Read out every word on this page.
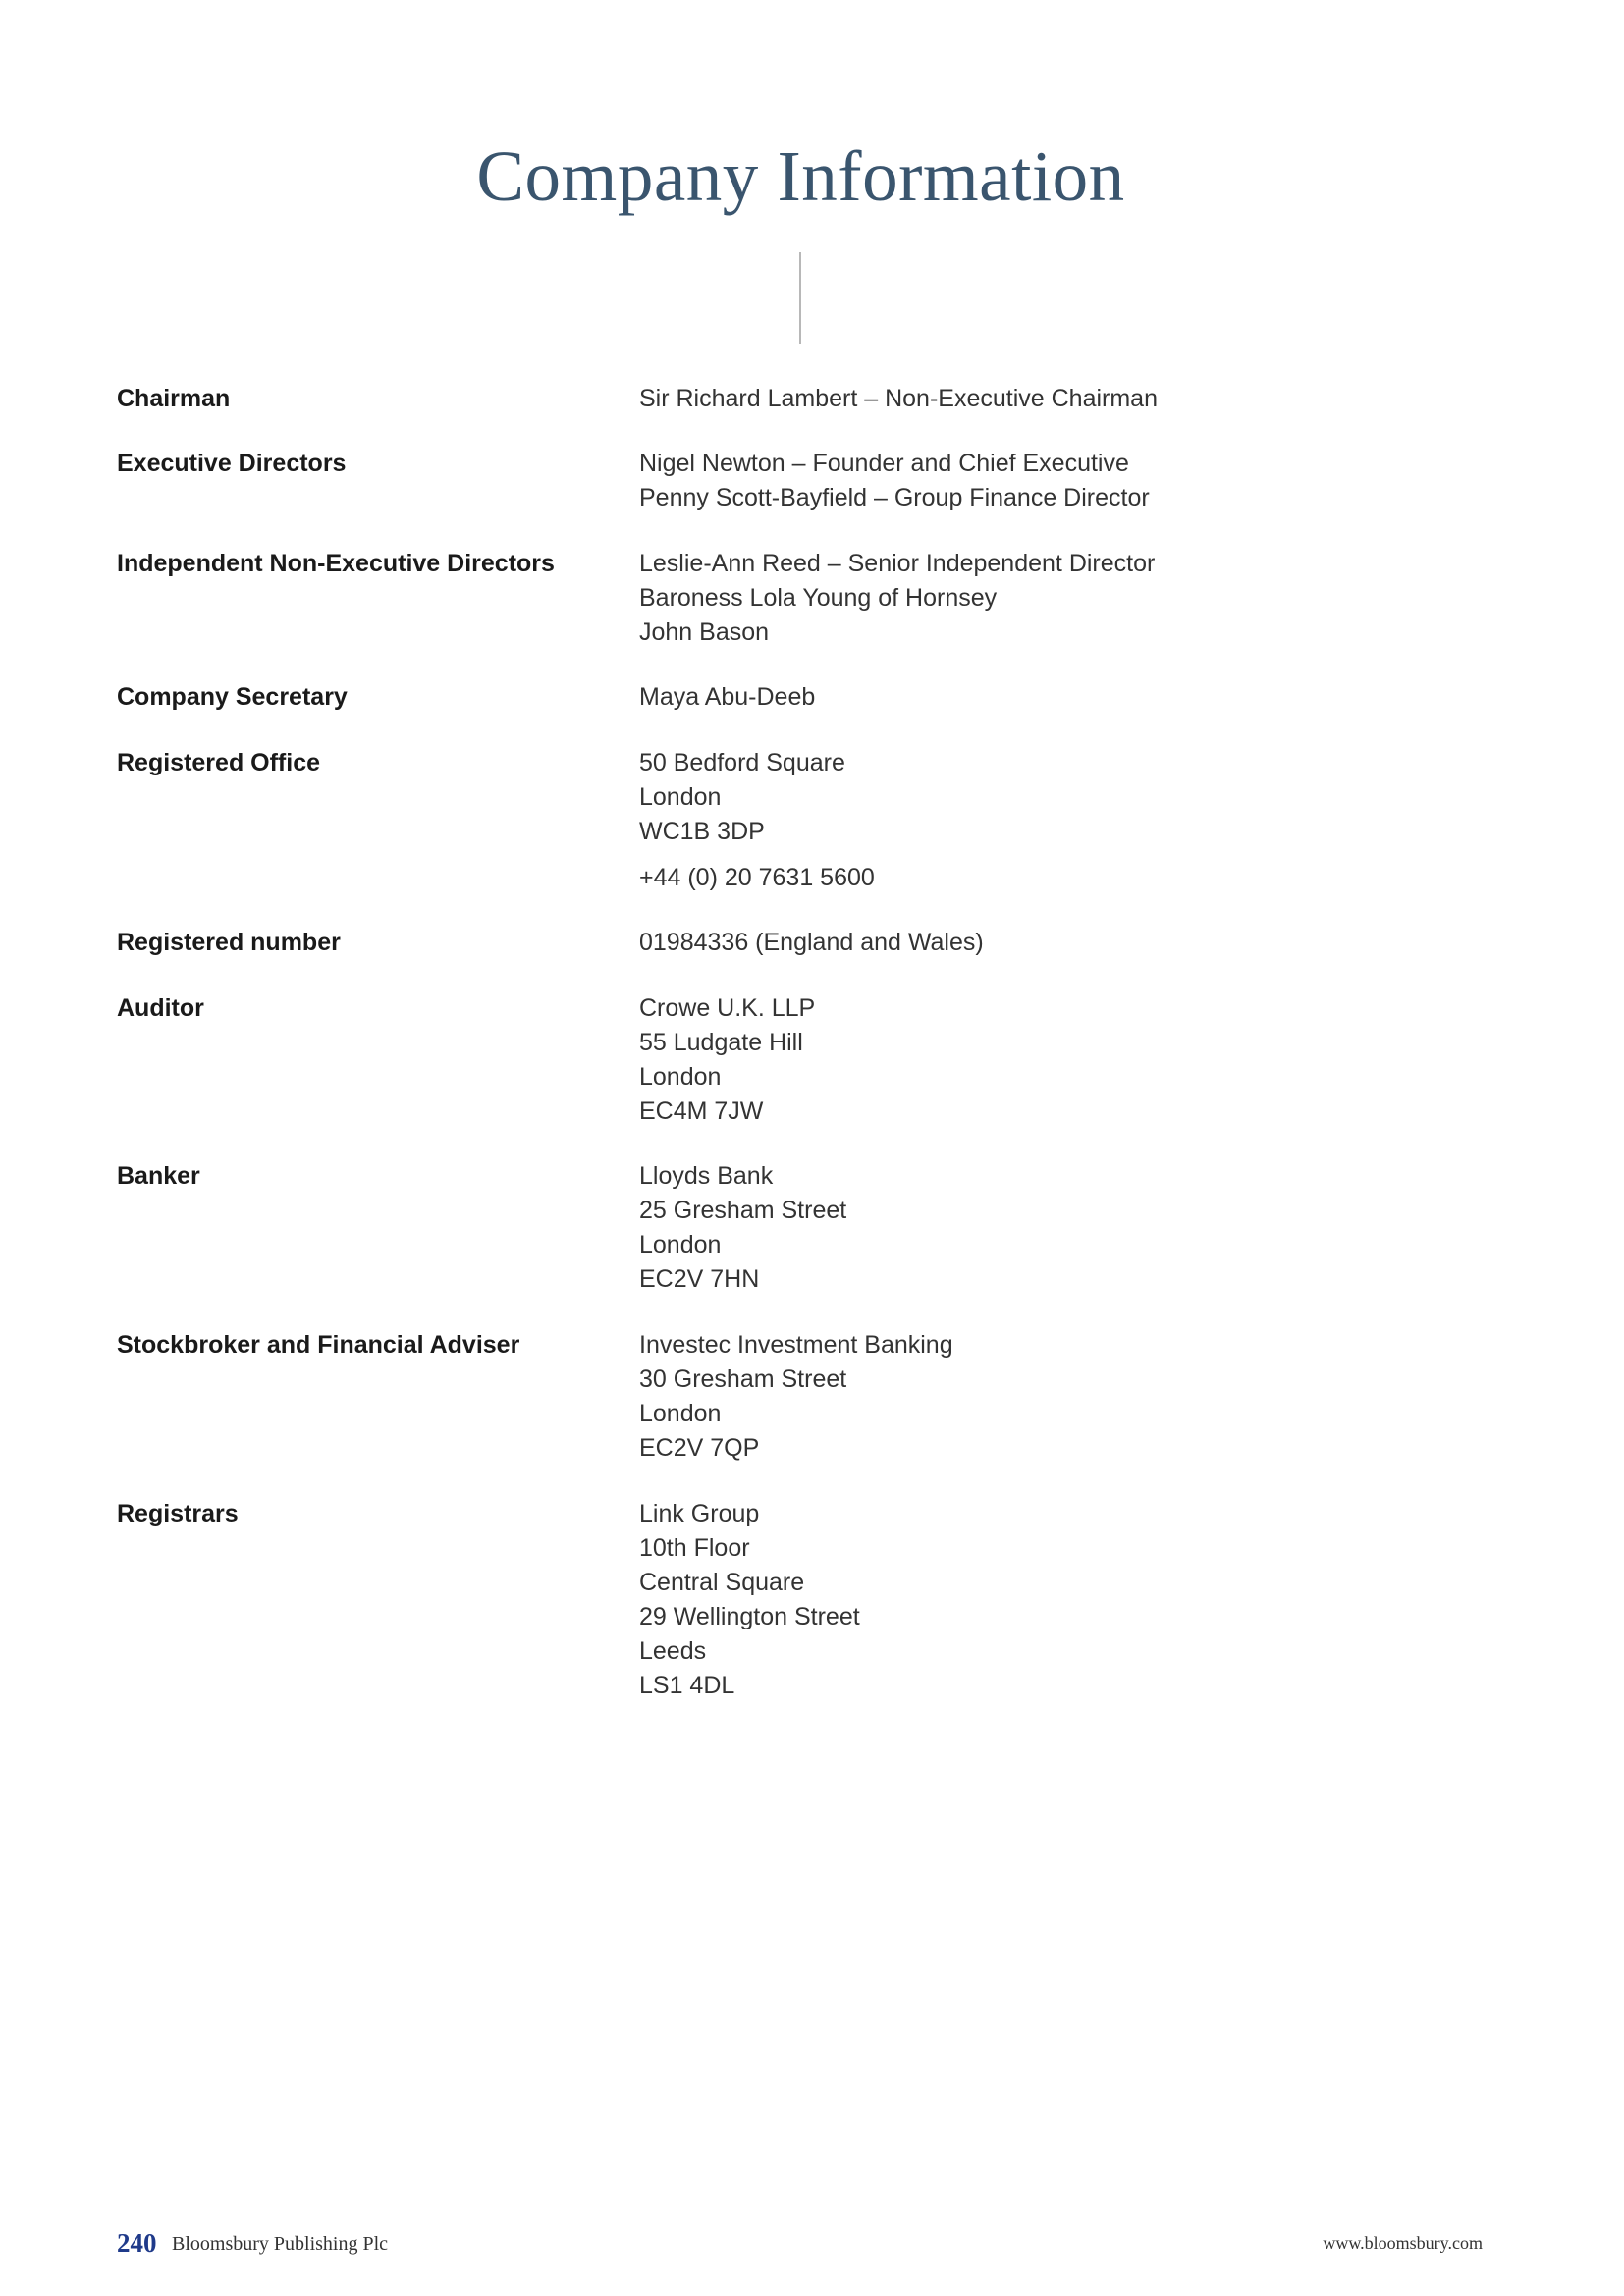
Company Information
Chairman	Sir Richard Lambert – Non-Executive Chairman
Executive Directors	Nigel Newton – Founder and Chief Executive
Penny Scott-Bayfield – Group Finance Director
Independent Non-Executive Directors	Leslie-Ann Reed – Senior Independent Director
Baroness Lola Young of Hornsey
John Bason
Company Secretary	Maya Abu-Deeb
Registered Office	50 Bedford Square
London
WC1B 3DP
+44 (0) 20 7631 5600
Registered number	01984336 (England and Wales)
Auditor	Crowe U.K. LLP
55 Ludgate Hill
London
EC4M 7JW
Banker	Lloyds Bank
25 Gresham Street
London
EC2V 7HN
Stockbroker and Financial Adviser	Investec Investment Banking
30 Gresham Street
London
EC2V 7QP
Registrars	Link Group
10th Floor
Central Square
29 Wellington Street
Leeds
LS1 4DL
240 Bloomsbury Publishing Plc	www.bloomsbury.com
